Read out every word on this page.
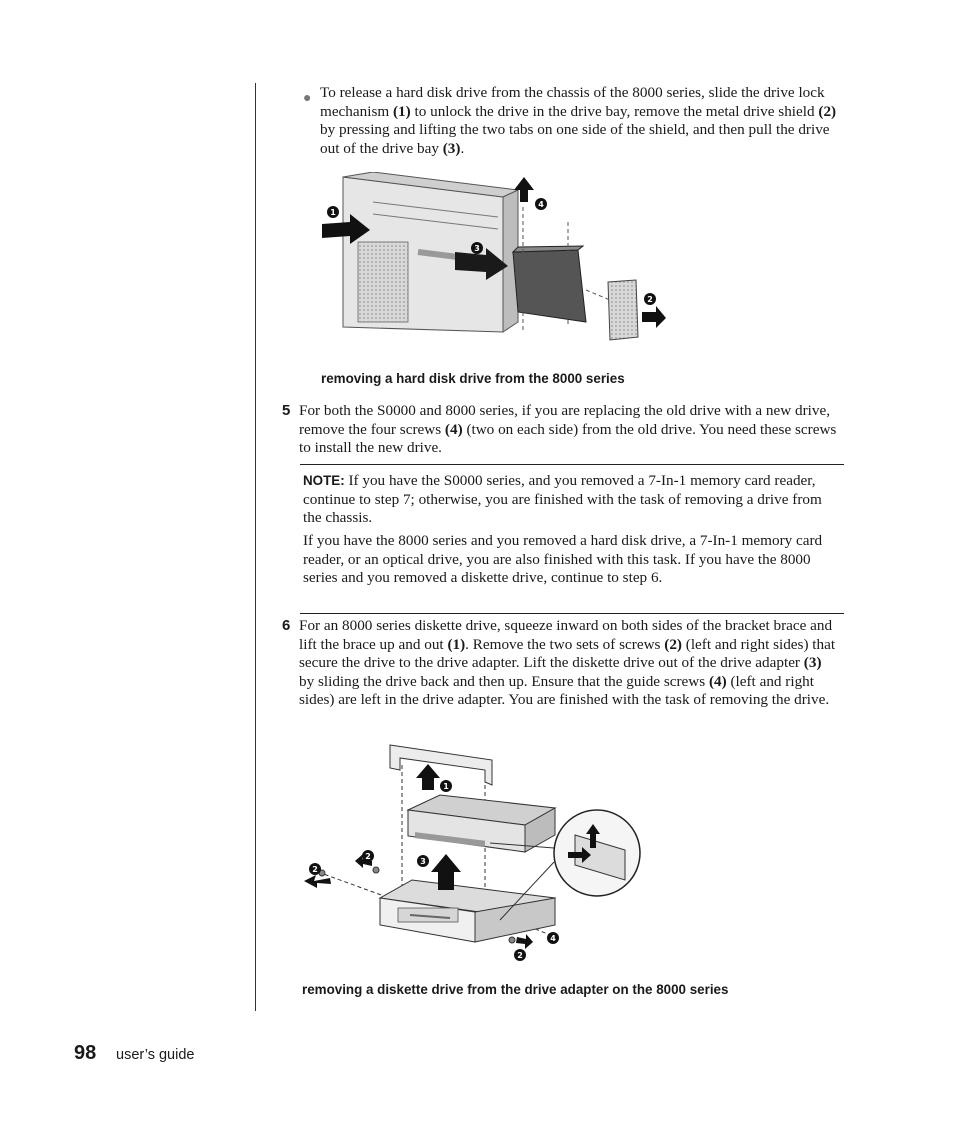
● To release a hard disk drive from the chassis of the 8000 series, slide the drive lock mechanism (1) to unlock the drive in the drive bay, remove the metal drive shield (2) by pressing and lifting the two tabs on one side of the shield, and then pull the drive out of the drive bay (3).
1
2
3
4
removing a hard disk drive from the 8000 series
5 For both the S0000 and 8000 series, if you are replacing the old drive with a new drive, remove the four screws (4) (two on each side) from the old drive. You need these screws to install the new drive.
NOTE: If you have the S0000 series, and you removed a 7-In-1 memory card reader, continue to step 7; otherwise, you are finished with the task of removing a drive from the chassis.
If you have the 8000 series and you removed a hard disk drive, a 7-In-1 memory card reader, or an optical drive, you are also finished with this task. If you have the 8000 series and you removed a diskette drive, continue to step 6.
6 For an 8000 series diskette drive, squeeze inward on both sides of the bracket brace and lift the brace up and out (1). Remove the two sets of screws (2) (left and right sides) that secure the drive to the drive adapter. Lift the diskette drive out of the drive adapter (3) by sliding the drive back and then up. Ensure that the guide screws (4) (left and right sides) are left in the drive adapter. You are finished with the task of removing the drive.
1
2
2
2
3
4
removing a diskette drive from the drive adapter on the 8000 series
98 user’s guide
